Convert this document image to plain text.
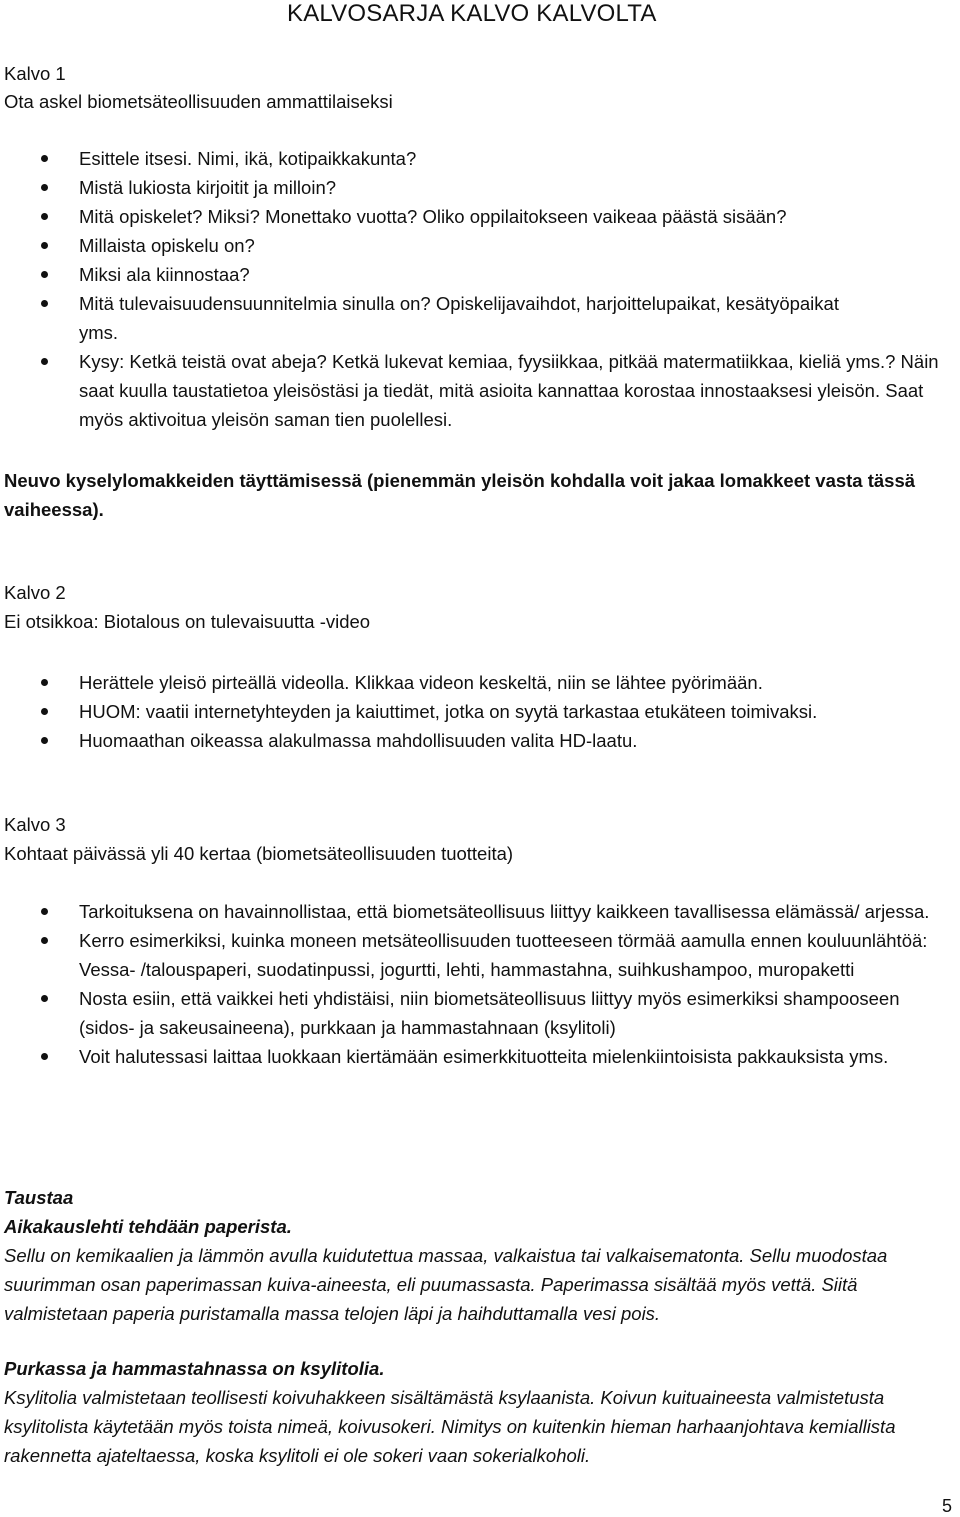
KALVOSARJA KALVO KALVOLTA
Kalvo 1
Ota askel biometsäteollisuuden ammattilaiseksi
Esittele itsesi. Nimi, ikä, kotipaikkakunta?
Mistä lukiosta kirjoitit ja milloin?
Mitä opiskelet? Miksi? Monettako vuotta? Oliko oppilaitokseen vaikeaa päästä sisään?
Millaista opiskelu on?
Miksi ala kiinnostaa?
Mitä tulevaisuudensuunnitelmia sinulla on? Opiskelijavaihdot, harjoittelupaikat, kesätyöpaikat yms.
Kysy: Ketkä teistä ovat abeja? Ketkä lukevat kemiaa, fyysiikkaa, pitkää matermatiikkaa, kieliä yms.? Näin saat kuulla taustatietoa yleisöstäsi ja tiedät, mitä asioita kannattaa korostaa innostaaksesi yleisön. Saat myös aktivoitua yleisön saman tien puolellesi.
Neuvo kyselylomakkeiden täyttämisessä (pienemmän yleisön kohdalla voit jakaa lomakkeet vasta tässä vaiheessa).
Kalvo 2
Ei otsikkoa: Biotalous on tulevaisuutta -video
Herättele yleisö pirteällä videolla. Klikkaa videon keskeltä, niin se lähtee pyörimään.
HUOM: vaatii internetyhteyden ja kaiuttimet, jotka on syytä tarkastaa etukäteen toimivaksi.
Huomaathan oikeassa alakulmassa mahdollisuuden valita HD-laatu.
Kalvo 3
Kohtaat päivässä yli 40 kertaa (biometsäteollisuuden tuotteita)
Tarkoituksena on havainnollistaa, että biometsäteollisuus liittyy kaikkeen tavallisessa elämässä/ arjessa.
Kerro esimerkiksi, kuinka moneen metsäteollisuuden tuotteeseen törmää aamulla ennen kouluunlähtöä: Vessa- /talouspaperi, suodatinpussi, jogurtti, lehti, hammastahna, suihkushampoo, muropaketti
Nosta esiin, että vaikkei heti yhdistäisi, niin biometsäteollisuus liittyy myös esimerkiksi shampooseen (sidos- ja sakeusaineena), purkkaan ja hammastahnaan (ksylitoli)
Voit halutessasi laittaa luokkaan kiertämään esimerkkituotteita mielenkiintoisista pakkauksista yms.
Taustaa
Aikakauslehti tehdään paperista.
Sellu on kemikaalien ja lämmön avulla kuidutettua massaa, valkaistua tai valkaisematonta. Sellu muodostaa suurimman osan paperimassan kuiva-aineesta, eli puumassasta. Paperimassa sisältää myös vettä. Siitä valmistetaan paperia puristamalla massa telojen läpi ja haihduttamalla vesi pois.
Purkassa ja hammastahnassa on ksylitolia.
Ksylitolia valmistetaan teollisesti koivuhakkeen sisältämästä ksylaanista. Koivun kuituaineesta valmistetusta ksylitolista käytetään myös toista nimeä, koivusokeri. Nimitys on kuitenkin hieman harhaanjohtava kemiallista rakennetta ajateltaessa, koska ksylitoli ei ole sokeri vaan sokerialkoholi.
5
